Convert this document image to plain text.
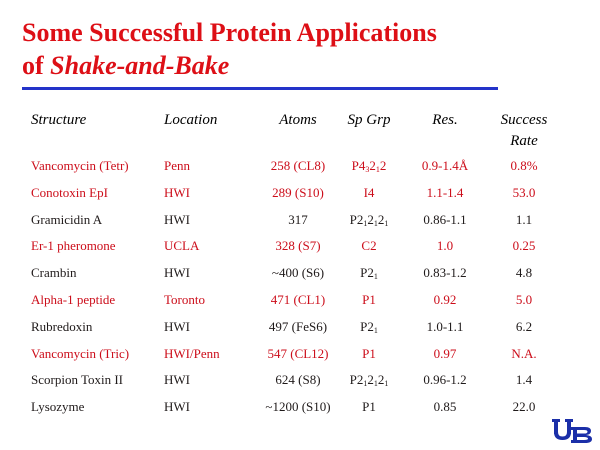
Some Successful Protein Applications
of Shake-and-Bake
Structure	Location	Atoms	Sp Grp	Res.	Success
Rate
Vancomycin (Tetr)	Penn	258 (CL8)	$P4_32_12$	0.9-1.4Å	0.8%
Conotoxin EpI	HWI	289 (S10)	I4	1.1-1.4	53.0
Gramicidin A	HWI	317	$P2_12_12_1$	0.86-1.1	1.1
Er-1 pheromone	UCLA	328 (S7)	C2	1.0	0.25
Crambin	HWI	~400 (S6)	$P2_1$	0.83-1.2	4.8
Alpha-1 peptide	Toronto	471 (CL1)	P1	0.92	5.0
Rubredoxin	HWI	497 (FeS6)	$P2_1$	1.0-1.1	6.2
Vancomycin (Tric)	HWI/Penn	547 (CL12)	P1	0.97	N.A.
Scorpion Toxin II	HWI	624 (S8)	$P2_12_12_1$	0.96-1.2	1.4
Lysozyme	HWI	~1200 (S10)	P1	0.85	22.0
